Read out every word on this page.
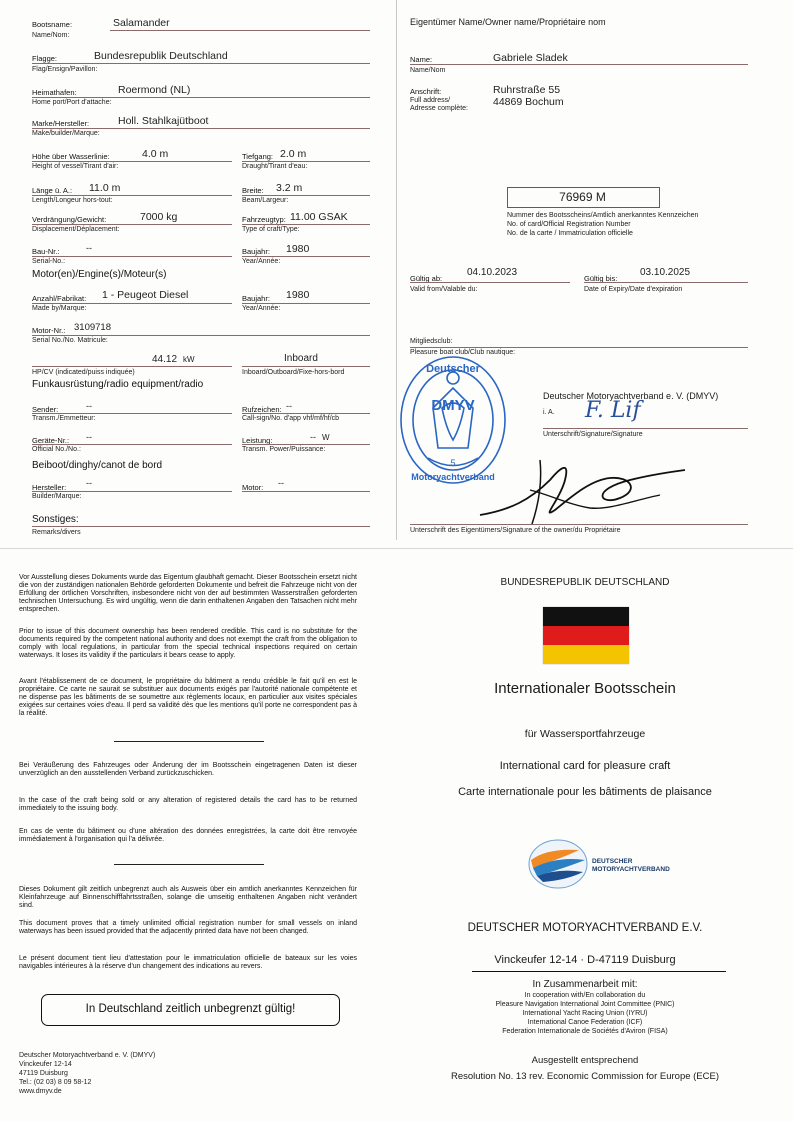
Bootsname:	Salamander
Name/Nom:
Flagge:	Bundesrepublik Deutschland
Flag/Ensign/Pavillon:
Heimathafen:	Roermond (NL)
Home port/Port d'attache:
Marke/Hersteller:	Holl. Stahlkajütboot
Make/builder/Marque:
Höhe über Wasserlinie:	4.0 m
Height of vessel/Tirant d'air:
Tiefgang: 2.0 m
Draught/Tirant d'eau:
Länge ü. A.: 11.0 m
Length/Longeur hors-tout:
Breite: 3.2 m
Beam/Largeur:
Verdrängung/Gewicht:	7000 kg
Displacement/Déplacement:
Fahrzeugtyp: 11.00 GSAK
Type of craft/Type:
Bau-Nr.:	--
Serial-No.:
Baujahr: 1980
Year/Année:
Motor(en)/Engine(s)/Moteur(s)
Anzahl/Fabrikat: 1 - Peugeot Diesel
Made by/Marque:
Baujahr: 1980
Year/Année:
Motor-Nr.: 3109718
Serial No./No. Matricule:
44.12 kW	Inboard
HP/CV (indicated/puiss indiquée)	Inboard/Outboard/Fixe-hors-bord
Funkausrüstung/radio equipment/radio
Sender:	--
Transm./Emmetteur:
Rufzeichen: --
Call-sign/No. d'app vhf/mf/hf/cb
Geräte-Nr.: --
Official No./No.:
Leistung:	-- W
Transm. Power/Puissance:
Beiboot/dinghy/canot de bord
Hersteller: --
Builder/Marque:
Motor: --
Sonstiges:
Remarks/divers
Eigentümer Name/Owner name/Propriétaire nom
Name:	Gabriele Sladek
Name/Nom
Anschrift:
Full address/
Adresse complète:
Ruhrstraße 55
44869 Bochum
76969 M
Nummer des Bootsscheins/Amtlich anerkanntes Kennzeichen
No. of card/Official Registration Number
No. de la carte / Immatriculation officielle
Gültig ab:
04.10.2023
Valid from/Valable du:
Gültig bis:
03.10.2025
Date of Expiry/Date d'expiration
Mitgliedsclub:
Pleasure boat club/Club nautique:
Deutscher
DMYV
5
Motoryachtverband
Deutscher Motoryachtverband e. V. (DMYV)
i. A. F. Lif
Unterschrift/Signature/Signature
Unterschrift des Eigentümers/Signature of the owner/du Propriétaire
Vor Ausstellung dieses Dokuments wurde das Eigentum glaubhaft gemacht. Dieser Bootsschein ersetzt nicht die von der zuständigen nationalen Behörde geforderten Dokumente und befreit die Fahrzeuge nicht von der Erfüllung der örtlichen Vorschriften, insbesondere nicht von der auf bestimmten Wasserstraßen geforderten technischen Untersuchung. Es wird ungültig, wenn die darin enthaltenen Angaben den Tatsachen nicht mehr entsprechen.
Prior to issue of this document ownership has been rendered credible. This card is no substitute for the documents required by the competent national authority and does not exempt the craft from the obligation to comply with local regulations, in particular from the special technical inspections required on certain waterways. It loses its validity if the particulars it bears cease to apply.
Avant l'établissement de ce document, le propriétaire du bâtiment a rendu crédible le fait qu'il en est le propriétaire. Ce carte ne saurait se substituer aux documents exigés par l'autorité nationale compétente et ne dispense pas les bâtiments de se soumettre aux règlements locaux, en particulier aux visites spéciales exigées sur certaines voies d'eau. Il perd sa validité dès que les mentions qu'il porte ne correspondent pas à la réalité.
Bei Veräußerung des Fahrzeuges oder Änderung der im Bootsschein eingetragenen Daten ist dieser unverzüglich an den ausstellenden Verband zurückzuschicken.
In the case of the craft being sold or any alteration of registered details the card has to be returned immediately to the issuing body.
En cas de vente du bâtiment ou d'une altération des données enregistrées, la carte doit être renvoyée immédiatement à l'organisation qui l'a délivrée.
Dieses Dokument gilt zeitlich unbegrenzt auch als Ausweis über ein amtlich anerkanntes Kennzeichen für Kleinfahrzeuge auf Binnenschifffahrtsstraßen, solange die umseitig enthaltenen Angaben nicht verändert sind.
This document proves that a timely unlimited official registration number for small vessels on inland waterways has been issued provided that the adjacently printed data have not been changed.
Le présent document tient lieu d'attestation pour le immatriculation officielle de bateaux sur les voies navigables intérieures à la réserve d'un changement des indications au revers.
In Deutschland zeitlich unbegrenzt gültig!
Deutscher Motoryachtverband e. V. (DMYV)
Vinckeufer 12-14
47119 Duisburg
Tel.: (02 03) 8 09 58-12
www.dmyv.de
BUNDESREPUBLIK DEUTSCHLAND
Internationaler Bootsschein
für Wassersportfahrzeuge
International card for pleasure craft
Carte internationale pour les bâtiments de plaisance
DEUTSCHER
MOTORYACHTVERBAND
DEUTSCHER MOTORYACHTVERBAND E.V.
Vinckeufer 12-14 · D-47119 Duisburg
In Zusammenarbeit mit:
In cooperation with/En collaboration du
Pleasure Navigation International Joint Committee (PNIC)
International Yacht Racing Union (IYRU)
International Canoe Federation (ICF)
Federation Internationale de Sociétés d'Aviron (FISA)
Ausgestellt entsprechend
Resolution No. 13 rev. Economic Commission for Europe (ECE)
